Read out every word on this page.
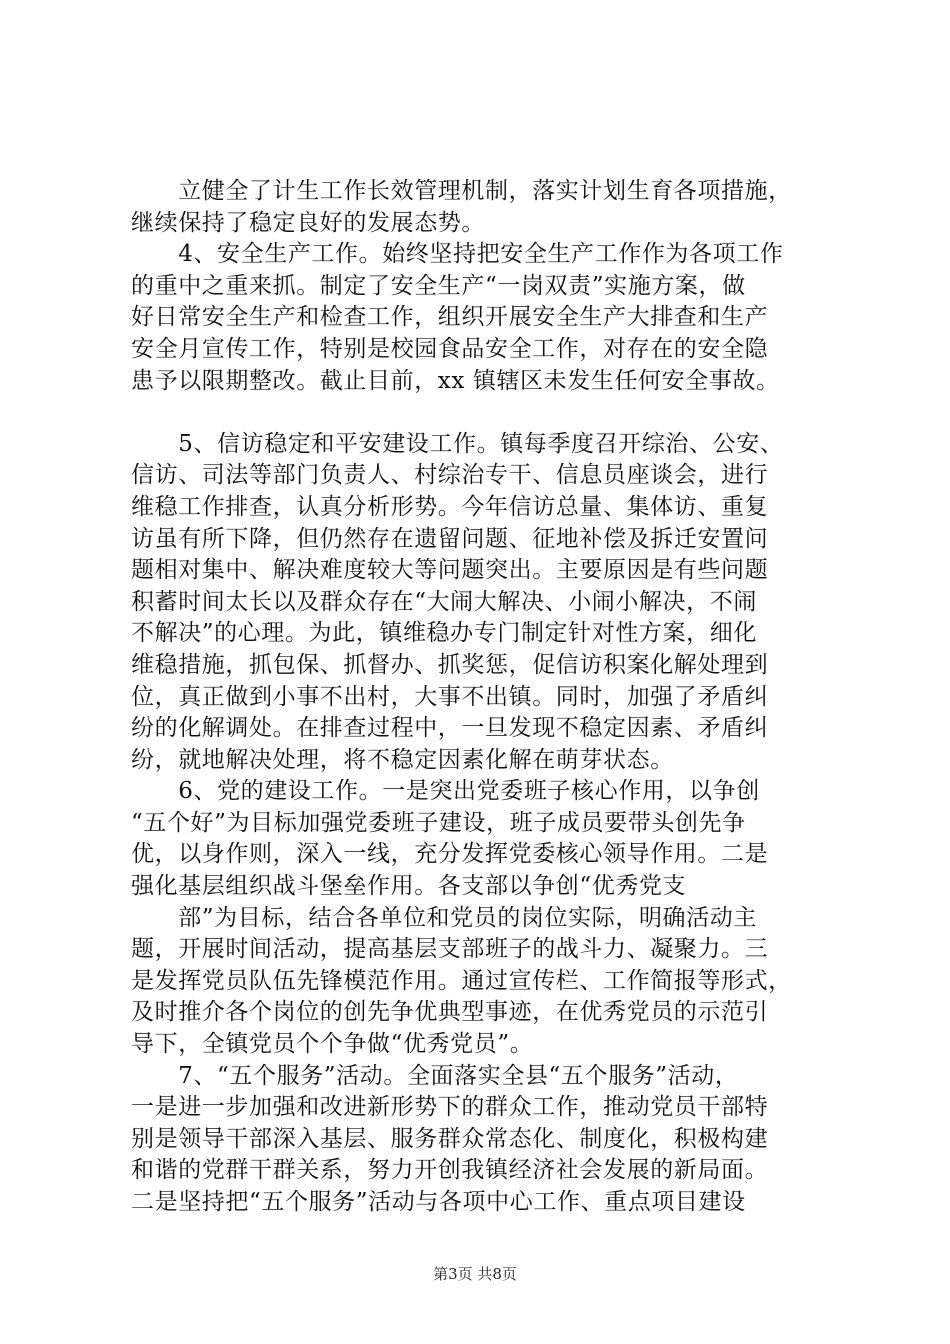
　　立健全了计生工作长效管理机制，落实计划生育各项措施，
继续保持了稳定良好的发展态势。
　　4、安全生产工作。始终坚持把安全生产工作作为各项工作
的重中之重来抓。制定了安全生产“一岗双责”实施方案，做
好日常安全生产和检查工作，组织开展安全生产大排查和生产
安全月宣传工作，特别是校园食品安全工作，对存在的安全隐
患予以限期整改。截止目前，xx 镇辖区未发生任何安全事故。
　　5、信访稳定和平安建设工作。镇每季度召开综治、公安、
信访、司法等部门负责人、村综治专干、信息员座谈会，进行
维稳工作排查，认真分析形势。今年信访总量、集体访、重复
访虽有所下降，但仍然存在遗留问题、征地补偿及拆迁安置问
题相对集中、解决难度较大等问题突出。主要原因是有些问题
积蓄时间太长以及群众存在“大闹大解决、小闹小解决，不闹
不解决”的心理。为此，镇维稳办专门制定针对性方案，细化
维稳措施，抓包保、抓督办、抓奖惩，促信访积案化解处理到
位，真正做到小事不出村，大事不出镇。同时，加强了矛盾纠
纷的化解调处。在排查过程中，一旦发现不稳定因素、矛盾纠
纷，就地解决处理，将不稳定因素化解在萌芽状态。
　　6、党的建设工作。一是突出党委班子核心作用，以争创
“五个好”为目标加强党委班子建设，班子成员要带头创先争
优，以身作则，深入一线，充分发挥党委核心领导作用。二是
强化基层组织战斗堡垒作用。各支部以争创“优秀党支
　　部”为目标，结合各单位和党员的岗位实际，明确活动主
题，开展时间活动，提高基层支部班子的战斗力、凝聚力。三
是发挥党员队伍先锋模范作用。通过宣传栏、工作简报等形式，
及时推介各个岗位的创先争优典型事迹，在优秀党员的示范引
导下，全镇党员个个争做“优秀党员”。
　　7、“五个服务”活动。全面落实全县“五个服务”活动，
一是进一步加强和改进新形势下的群众工作，推动党员干部特
别是领导干部深入基层、服务群众常态化、制度化，积极构建
和谐的党群干群关系，努力开创我镇经济社会发展的新局面。
二是坚持把“五个服务”活动与各项中心工作、重点项目建设
第3页 共8页
